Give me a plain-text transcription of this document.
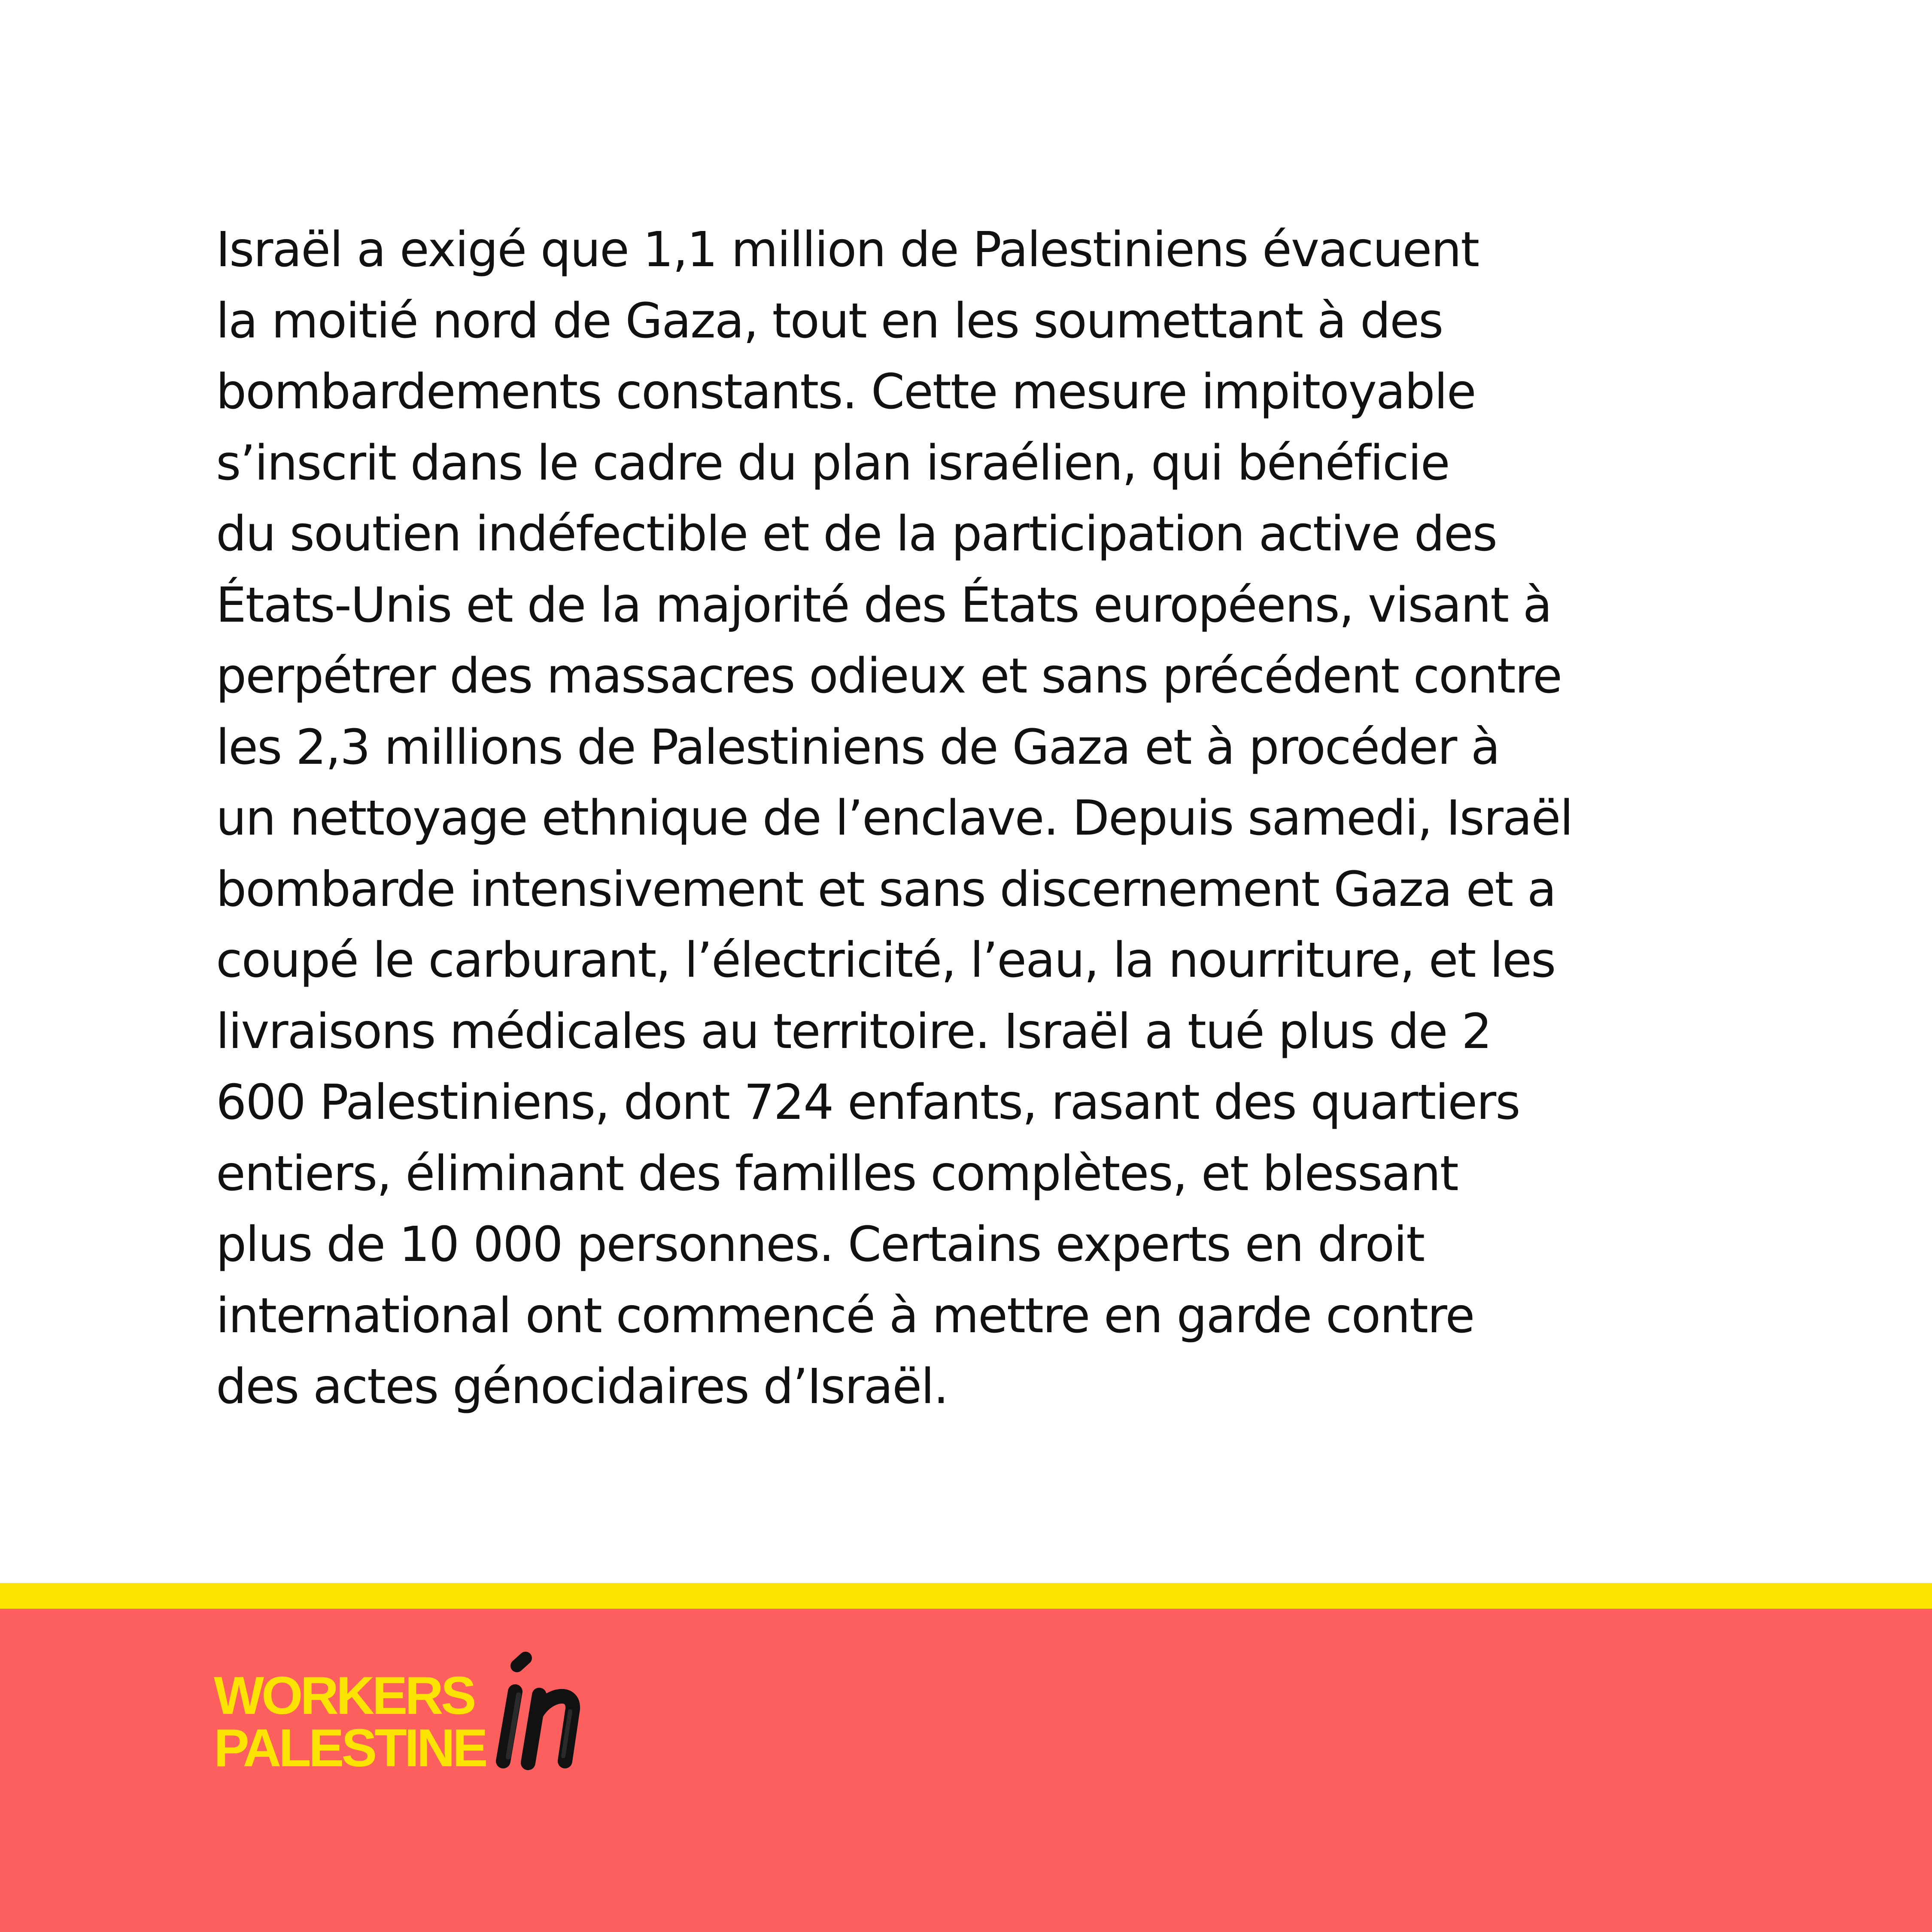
Israël a exigé que 1,1 million de Palestiniens évacuent
la moitié nord de Gaza, tout en les soumettant à des
bombardements constants. Cette mesure impitoyable
s’inscrit dans le cadre du plan israélien, qui bénéficie
du soutien indéfectible et de la participation active des
États-Unis et de la majorité des États européens, visant à
perpétrer des massacres odieux et sans précédent contre
les 2,3 millions de Palestiniens de Gaza et à procéder à
un nettoyage ethnique de l’enclave. Depuis samedi, Israël
bombarde intensivement et sans discernement Gaza et a
coupé le carburant, l’électricité, l’eau, la nourriture, et les
livraisons médicales au territoire. Israël a tué plus de 2
600 Palestiniens, dont 724 enfants, rasant des quartiers
entiers, éliminant des familles complètes, et blessant
plus de 10 000 personnes. Certains experts en droit
international ont commencé à mettre en garde contre
des actes génocidaires d’Israël.
WORKERS
PALESTINE
